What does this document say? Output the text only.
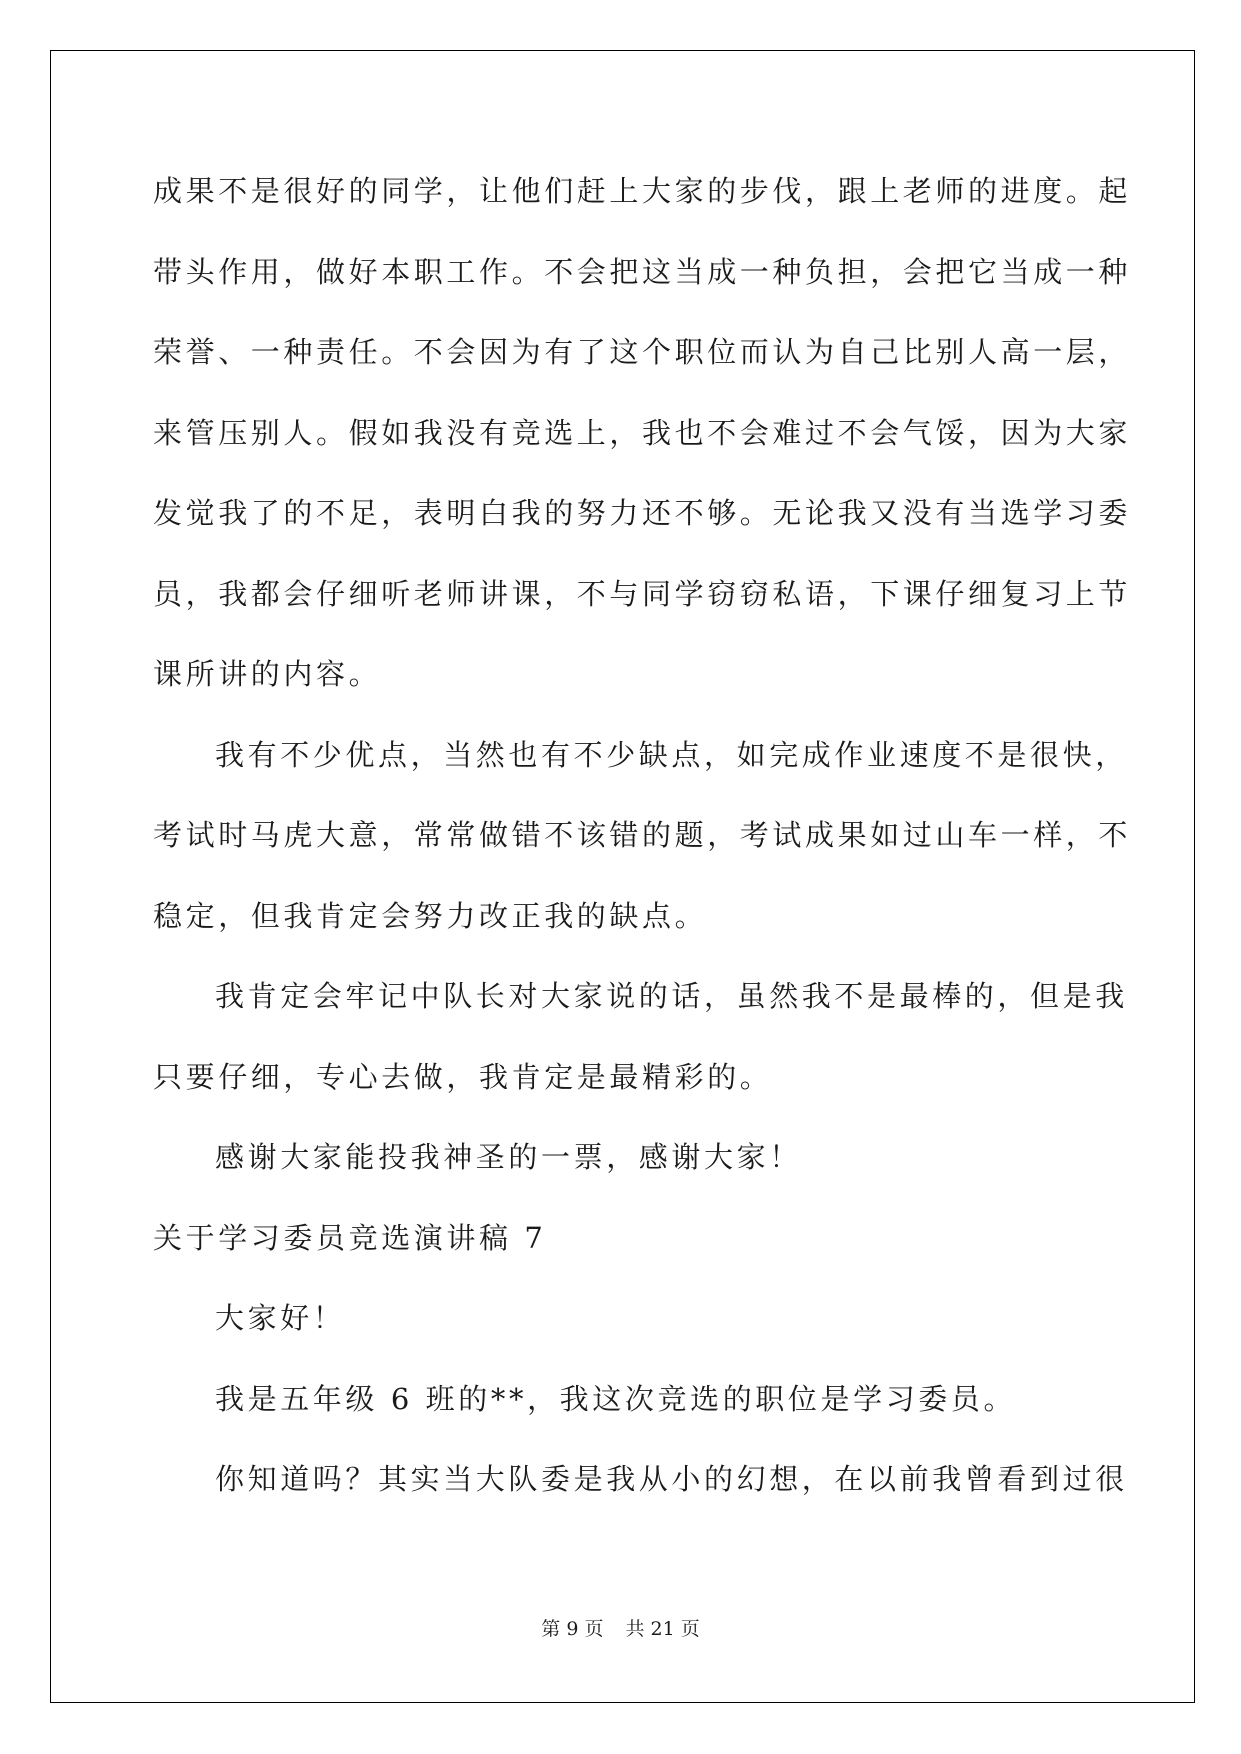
成果不是很好的同学，让他们赶上大家的步伐，跟上老师的进度。起
带头作用，做好本职工作。不会把这当成一种负担，会把它当成一种
荣誉、一种责任。不会因为有了这个职位而认为自己比别人高一层，
来管压别人。假如我没有竞选上，我也不会难过不会气馁，因为大家
发觉我了的不足，表明白我的努力还不够。无论我又没有当选学习委
员，我都会仔细听老师讲课，不与同学窃窃私语，下课仔细复习上节
课所讲的内容。
我有不少优点，当然也有不少缺点，如完成作业速度不是很快，
考试时马虎大意，常常做错不该错的题，考试成果如过山车一样，不
稳定，但我肯定会努力改正我的缺点。
我肯定会牢记中队长对大家说的话，虽然我不是最棒的，但是我
只要仔细，专心去做，我肯定是最精彩的。
感谢大家能投我神圣的一票，感谢大家！
关于学习委员竞选演讲稿 7
大家好！
我是五年级 6 班的**，我这次竞选的职位是学习委员。
你知道吗？其实当大队委是我从小的幻想，在以前我曾看到过很
第 9 页 共 21 页
